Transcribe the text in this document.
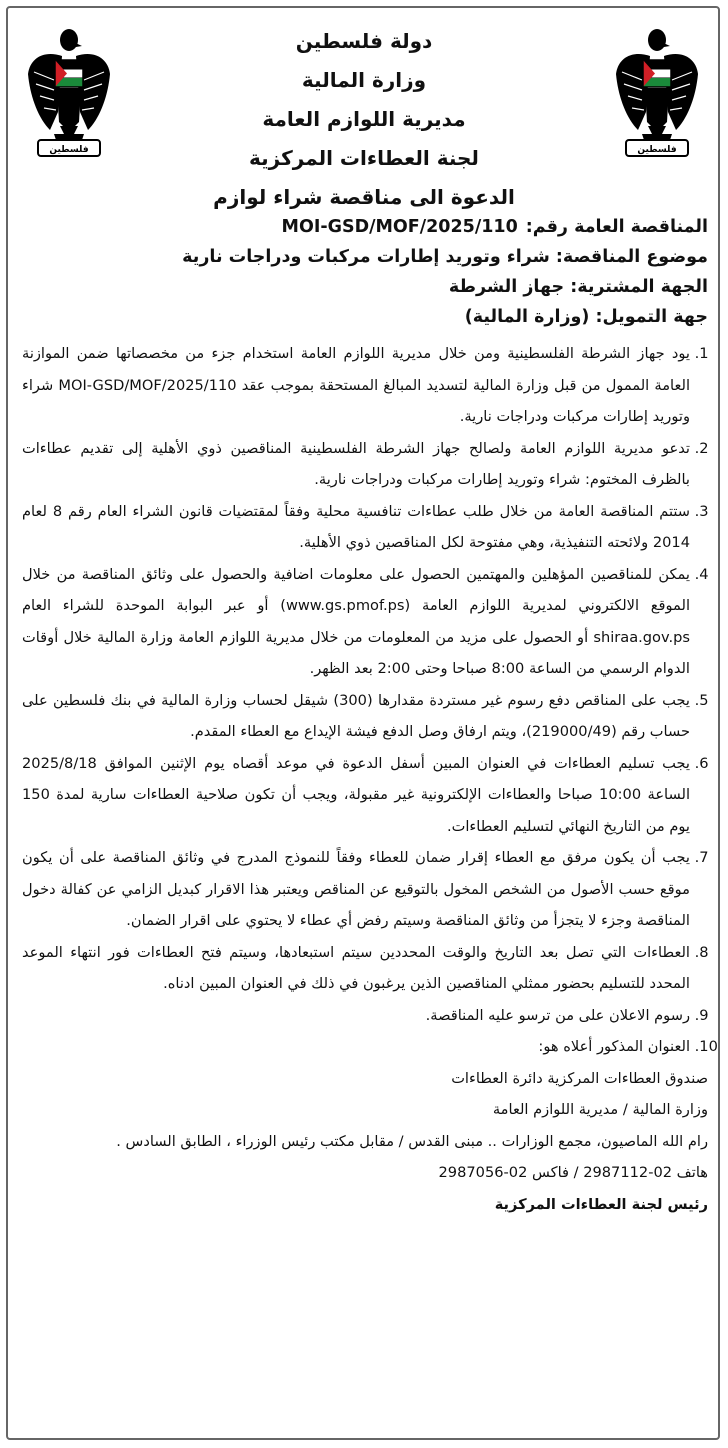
فلسطين	فلسطين
دولة فلسطين
وزارة المالية
مديرية اللوازم العامة
لجنة العطاءات المركزية
الدعوة الى مناقصة شراء لوازم
المناقصة العامة رقم:MOI-GSD/MOF/2025/110
موضوع المناقصة: شراء وتوريد إطارات مركبات ودراجات نارية
الجهة المشترية: جهاز الشرطة
جهة التمويل: (وزارة المالية)
1. يود جهاز الشرطة الفلسطينية ومن خلال مديرية اللوازم العامة استخدام جزء من مخصصاتها ضمن الموازنة العامة الممول من قبل وزارة المالية لتسديد المبالغ المستحقة بموجب عقد MOI-GSD/MOF/2025/110 شراء وتوريد إطارات مركبات ودراجات نارية.
2. تدعو مديرية اللوازم العامة ولصالح جهاز الشرطة الفلسطينية المناقصين ذوي الأهلية إلى تقديم عطاءات بالظرف المختوم: شراء وتوريد إطارات مركبات ودراجات نارية.
3. ستتم المناقصة العامة من خلال طلب عطاءات تنافسية محلية وفقاً لمقتضيات قانون الشراء العام رقم 8 لعام 2014 ولائحته التنفيذية، وهي مفتوحة لكل المناقصين ذوي الأهلية.
4. يمكن للمناقصين المؤهلين والمهتمين الحصول على معلومات اضافية والحصول على وثائق المناقصة من خلال الموقع الالكتروني لمديرية اللوازم العامة (www.gs.pmof.ps) أو عبر البوابة الموحدة للشراء العام shiraa.gov.ps أو الحصول على مزيد من المعلومات من خلال مديرية اللوازم العامة وزارة المالية خلال أوقات الدوام الرسمي من الساعة 8:00 صباحا وحتى 2:00 بعد الظهر.
5. يجب على المناقص دفع رسوم غير مستردة مقدارها (300) شيقل لحساب وزارة المالية في بنك فلسطين على حساب رقم (219000/49)، ويتم ارفاق وصل الدفع فيشة الإيداع مع العطاء المقدم.
6. يجب تسليم العطاءات في العنوان المبين أسفل الدعوة في موعد أقصاه يوم الإثنين الموافق 2025/8/18 الساعة 10:00 صباحا والعطاءات الإلكترونية غير مقبولة، ويجب أن تكون صلاحية العطاءات سارية لمدة 150 يوم من التاريخ النهائي لتسليم العطاءات.
7. يجب أن يكون مرفق مع العطاء إقرار ضمان للعطاء وفقاً للنموذج المدرج في وثائق المناقصة على أن يكون موقع حسب الأصول من الشخص المخول بالتوقيع عن المناقص ويعتبر هذا الاقرار كبديل الزامي عن كفالة دخول المناقصة وجزء لا يتجزأ من وثائق المناقصة وسيتم رفض أي عطاء لا يحتوي على اقرار الضمان.
8. العطاءات التي تصل بعد التاريخ والوقت المحددين سيتم استبعادها، وسيتم فتح العطاءات فور انتهاء الموعد المحدد للتسليم بحضور ممثلي المناقصين الذين يرغبون في ذلك في العنوان المبين ادناه.
9. رسوم الاعلان على من ترسو عليه المناقصة.
10. العنوان المذكور أعلاه هو:

صندوق العطاءات المركزية دائرة العطاءات

وزارة المالية / مديرية اللوازم العامة

رام الله الماصيون، مجمع الوزارات .. مبنى القدس / مقابل مكتب رئيس الوزراء ، الطابق السادس .

هاتف 02-2987112 / فاكس 02-2987056

رئيس لجنة العطاءات المركزية
